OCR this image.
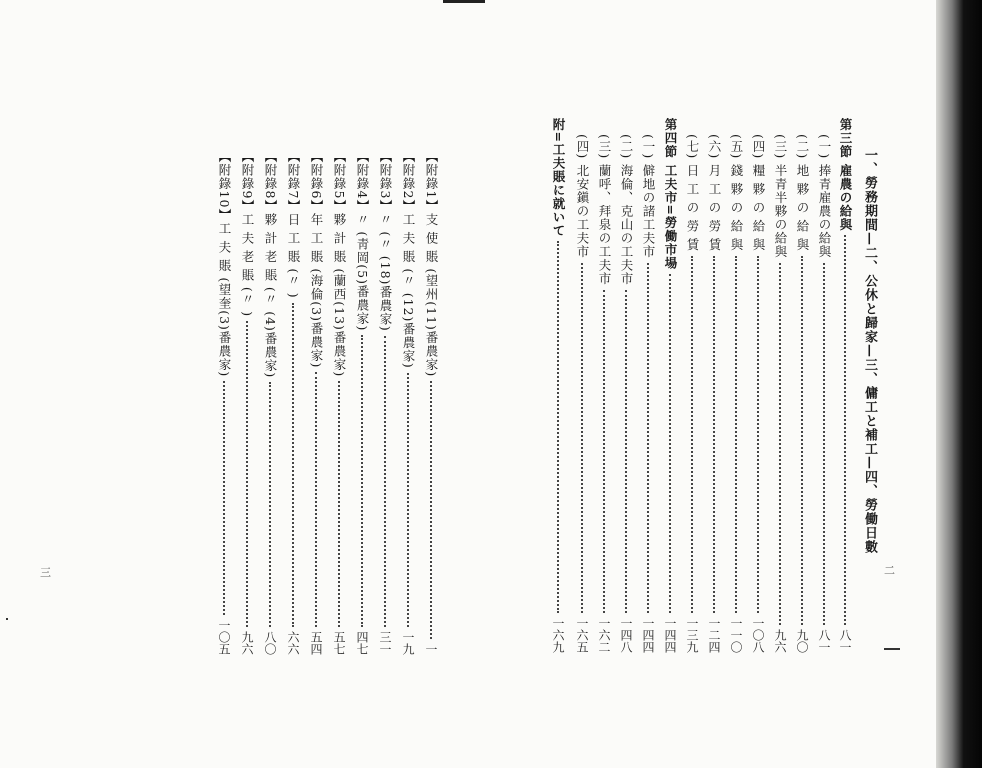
一、勞務期間—二、公休と歸家—三、傭工と補工—四、勞働日數
第三節 雇農の給與
八一
(一) 捧青雇農の給與
八一
(二) 地 夥 の 給 與
九〇
(三) 半青半夥の給與
九六
(四) 糧 夥 の 給 與
一〇八
(五) 錢 夥 の 給 與
一一〇
(六) 月 工 の 勞 賃
一二四
(七) 日 工 の 勞 賃
一三九
第四節 工夫市=勞働市場
一四四
(一) 僻地の諸工夫市
一四四
(二) 海倫、克山の工夫市
一四八
(三) 蘭呼、拜泉の工夫市
一六二
(四) 北安鎭の工夫市
一六五
附=工夫賬に就いて
一六九
二
【附錄1】支 使 賬 (望州(11)番農家)
一
【附錄2】工 夫 賬 (〃 (12)番農家)
一九
【附錄3】〃 (〃 (18)番農家)
三一
【附錄4】〃 (靑岡(5)番農家)
四七
【附錄5】夥 計 賬 (蘭西(13)番農家)
五七
【附錄6】年 工 賬 (海倫(3)番農家)
五四
【附錄7】日 工 賬 (〃 )
六六
【附錄8】夥 計 老 賬 (〃 (4)番農家)
八〇
【附錄9】工 夫 老 賬 (〃 )
九六
【附錄10】工 夫 賬 (望奎(3)番農家)
一〇五
三
